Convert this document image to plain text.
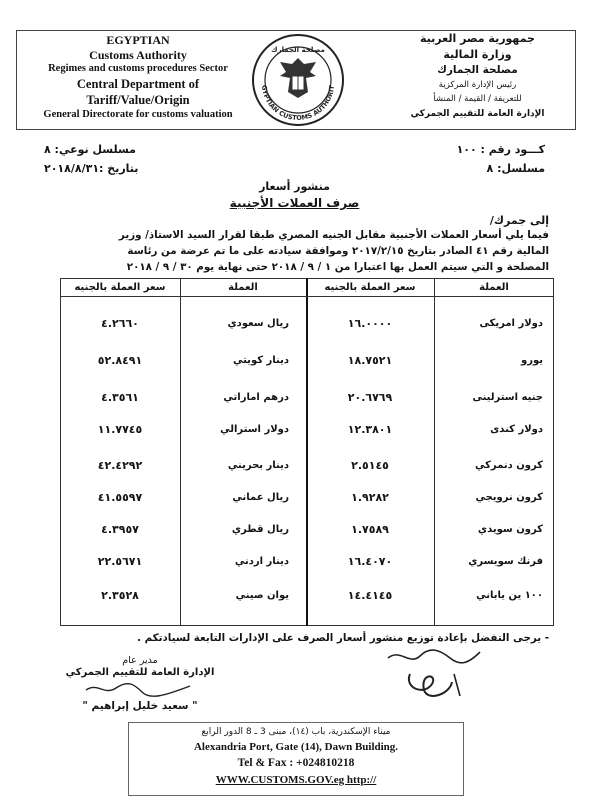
EGYPTIAN
Customs Authority
Regimes and customs procedures Sector
Central Department of
Tariff/Value/Origin
General Directorate for customs valuation
GYPTIAN CUSTOMS AUTHORIT
مصلحة الجمارك
جمهورية مصر العربية
وزارة المالية
مصلحة الجمارك
رئيس الإدارة المركزية
للتعريفة / القيمة / المنشأ
الإدارة العامة للتقييم الجمركي
كـــود رقم : ١٠٠
مسلسل: ٨
مسلسل نوعي: ٨
بتاريخ :٢٠١٨/٨/٣١
منشور أسعار
صرف العملات الأجنبية
إلى جمرك/
فيما يلي أسعار العملات الأجنبية مقابل الجنيه المصري طبقا لقرار السيد الاستاذ/ وزير
المالية رقم ٤١ الصادر بتاريخ ٢٠١٧/٢/١٥ وموافقة سيادته على ما تم عرضة من رئاسة
المصلحة و التي سيتم العمل بها اعتبارا من ١ / ٩ / ٢٠١٨ حتى نهاية يوم ٣٠ / ٩ / ٢٠١٨
العملة
سعر العملة بالجنيه
العملة
سعر العملة بالجنيه
دولار امريكى
١٦.٠٠٠٠
يورو
١٨.٧٥٢١
جنيه استرلينى
٢٠.٦٧٦٩
دولار كندى
١٢.٣٨٠١
كرون دنمركي
٢.٥١٤٥
كرون نرويجي
١.٩٢٨٢
كرون سويدي
١.٧٥٨٩
فرنك سويسري
١٦.٤٠٧٠
١٠٠ ين ياباني
١٤.٤١٤٥
ريال سعودي
٤.٢٦٦٠
دينار كويتي
٥٢.٨٤٩١
درهم اماراتي
٤.٣٥٦١
دولار استرالي
١١.٧٧٤٥
دينار بحريني
٤٢.٤٢٩٢
ريال عماني
٤١.٥٥٩٧
ريال قطري
٤.٣٩٥٧
دينار اردني
٢٢.٥٦٧١
يوان صيني
٢.٣٥٢٨
- يرجى التفضل بإعادة توزيع منشور أسعار الصرف على الإدارات التابعة لسيادتكم .
مدير عام
الإدارة العامة للتقييم الجمركي
" سعيد خليل إبراهيم "
ميناء الإسكندرية، باب (١٤)، مبنى 3 ـ 8 الدور الرابع
Alexandria Port, Gate (14), Dawn Building.
Tel & Fax : +024810218
WWW.CUSTOMS.GOV.eg http://
